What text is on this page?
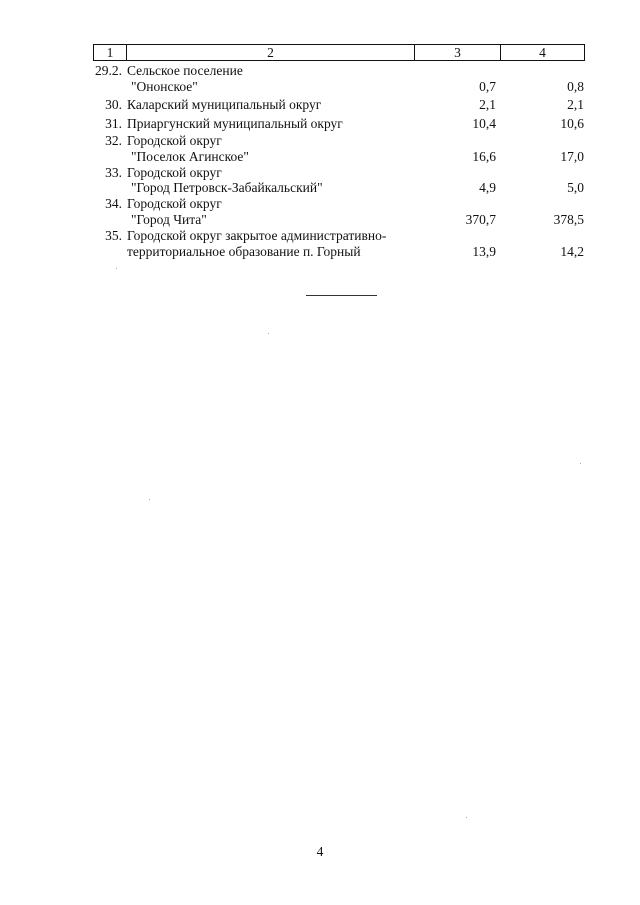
1	2	3	4
29.2. Сельское поселение
"Ононское"	0,7	0,8
30. Каларский муниципальный округ	2,1	2,1
31. Приаргунский муниципальный округ	10,4	10,6
32. Городской округ
"Поселок Агинское"	16,6	17,0
33. Городской округ
"Город Петровск-Забайкальский"	4,9	5,0
34. Городской округ
"Город Чита"	370,7	378,5
35. Городской округ закрытое административно-
территориальное образование п. Горный	13,9	14,2
4
